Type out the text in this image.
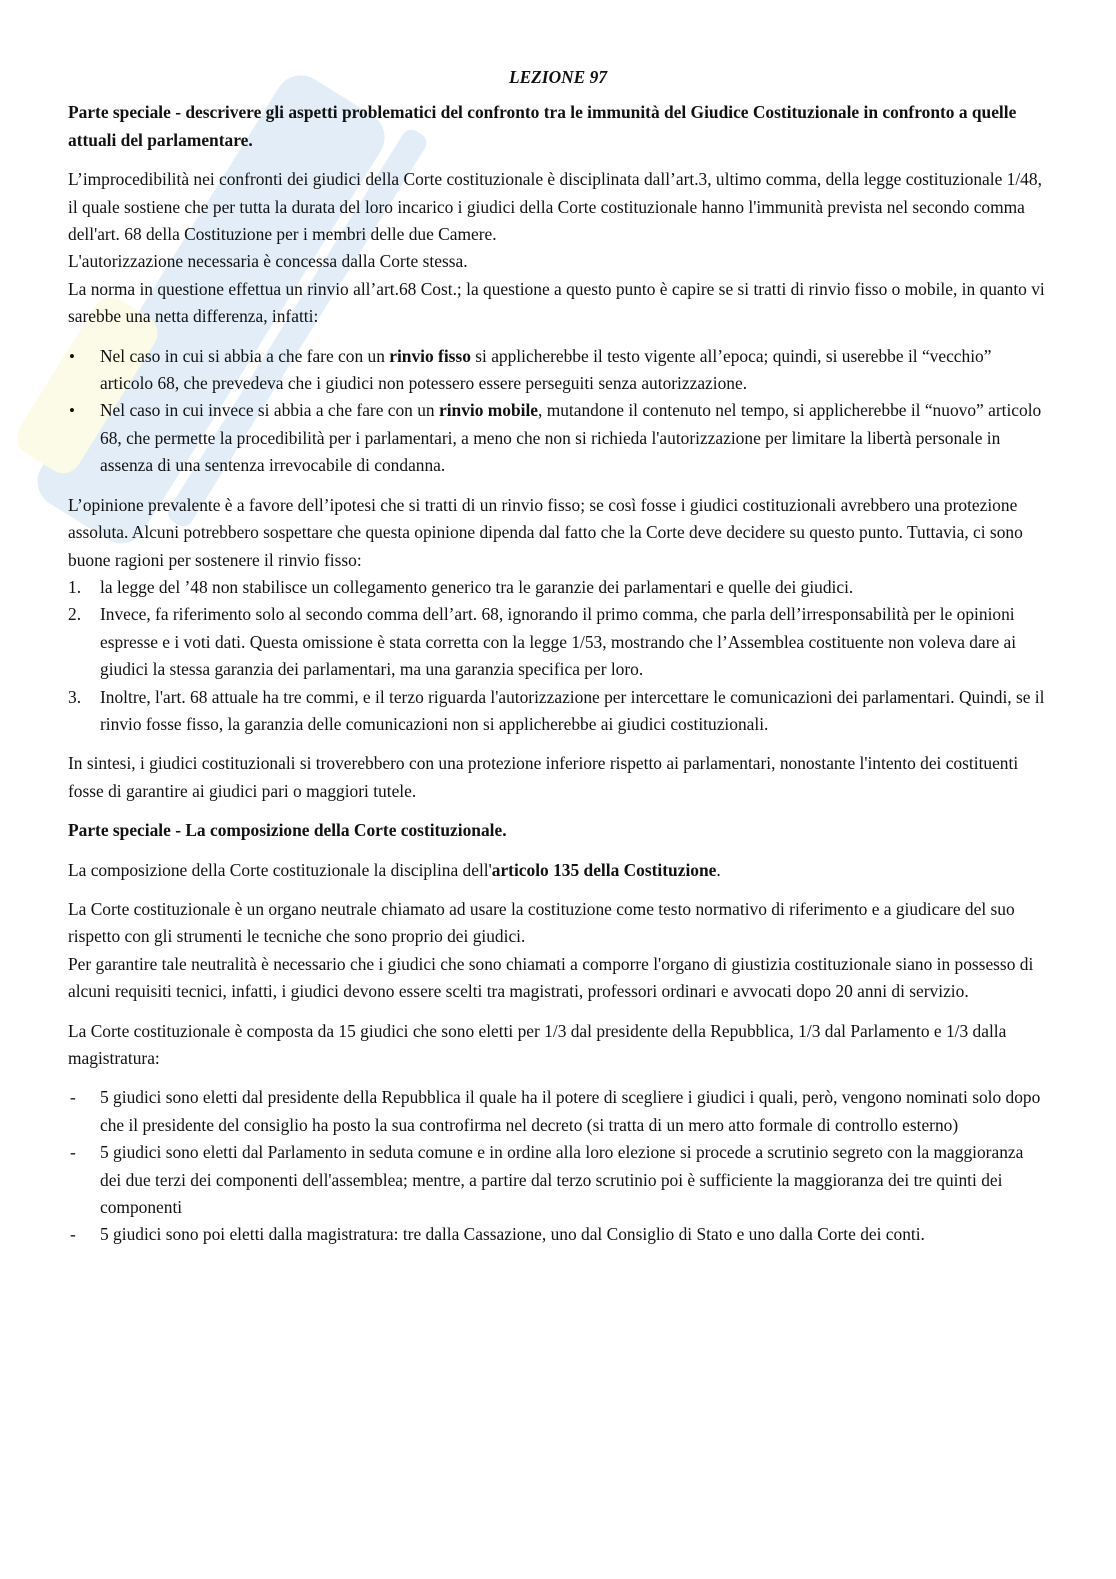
LEZIONE 97

Parte speciale - descrivere gli aspetti problematici del confronto tra le immunità del Giudice Costituzionale in confronto a quelle attuali del parlamentare.

L’improcedibilità nei confronti dei giudici della Corte costituzionale è disciplinata dall’art.3, ultimo comma, della legge costituzionale 1/48, il quale sostiene che per tutta la durata del loro incarico i giudici della Corte costituzionale hanno l'immunità prevista nel secondo comma dell'art. 68 della Costituzione per i membri delle due Camere.

L'autorizzazione necessaria è concessa dalla Corte stessa.

La norma in questione effettua un rinvio all’art.68 Cost.; la questione a questo punto è capire se si tratti di rinvio fisso o mobile, in quanto vi sarebbe una netta differenza, infatti:

•
Nel caso in cui si abbia a che fare con un rinvio fisso si applicherebbe il testo vigente all’epoca; quindi, si userebbe il “vecchio” articolo 68, che prevedeva che i giudici non potessero essere perseguiti senza autorizzazione.
•
Nel caso in cui invece si abbia a che fare con un rinvio mobile, mutandone il contenuto nel tempo, si applicherebbe il “nuovo” articolo 68, che permette la procedibilità per i parlamentari, a meno che non si richieda l'autorizzazione per limitare la libertà personale in assenza di una sentenza irrevocabile di condanna.

L’opinione prevalente è a favore dell’ipotesi che si tratti di un rinvio fisso; se così fosse i giudici costituzionali avrebbero una protezione assoluta. Alcuni potrebbero sospettare che questa opinione dipenda dal fatto che la Corte deve decidere su questo punto. Tuttavia, ci sono buone ragioni per sostenere il rinvio fisso:

1.	la legge del ’48 non stabilisce un collegamento generico tra le garanzie dei parlamentari e quelle dei giudici.
2.	Invece, fa riferimento solo al secondo comma dell’art. 68, ignorando il primo comma, che parla dell’irresponsabilità per le opinioni espresse e i voti dati. Questa omissione è stata corretta con la legge 1/53, mostrando che l’Assemblea costituente non voleva dare ai giudici la stessa garanzia dei parlamentari, ma una garanzia specifica per loro.
3.	Inoltre, l'art. 68 attuale ha tre commi, e il terzo riguarda l'autorizzazione per intercettare le comunicazioni dei parlamentari. Quindi, se il rinvio fosse fisso, la garanzia delle comunicazioni non si applicherebbe ai giudici costituzionali.

In sintesi, i giudici costituzionali si troverebbero con una protezione inferiore rispetto ai parlamentari, nonostante l'intento dei costituenti fosse di garantire ai giudici pari o maggiori tutele.

Parte speciale - La composizione della Corte costituzionale.

La composizione della Corte costituzionale la disciplina dell'articolo 135 della Costituzione.

La Corte costituzionale è un organo neutrale chiamato ad usare la costituzione come testo normativo di riferimento e a giudicare del suo rispetto con gli strumenti le tecniche che sono proprio dei giudici.

Per garantire tale neutralità è necessario che i giudici che sono chiamati a comporre l'organo di giustizia costituzionale siano in possesso di alcuni requisiti tecnici, infatti, i giudici devono essere scelti tra magistrati, professori ordinari e avvocati dopo 20 anni di servizio.

La Corte costituzionale è composta da 15 giudici che sono eletti per 1/3 dal presidente della Repubblica, 1/3 dal Parlamento e 1/3 dalla magistratura:

-	5 giudici sono eletti dal presidente della Repubblica il quale ha il potere di scegliere i giudici i quali, però, vengono nominati solo dopo che il presidente del consiglio ha posto la sua controfirma nel decreto (si tratta di un mero atto formale di controllo esterno)
-	5 giudici sono eletti dal Parlamento in seduta comune e in ordine alla loro elezione si procede a scrutinio segreto con la maggioranza dei due terzi dei componenti dell'assemblea; mentre, a partire dal terzo scrutinio poi è sufficiente la maggioranza dei tre quinti dei componenti
-	5 giudici sono poi eletti dalla magistratura: tre dalla Cassazione, uno dal Consiglio di Stato e uno dalla Corte dei conti.
